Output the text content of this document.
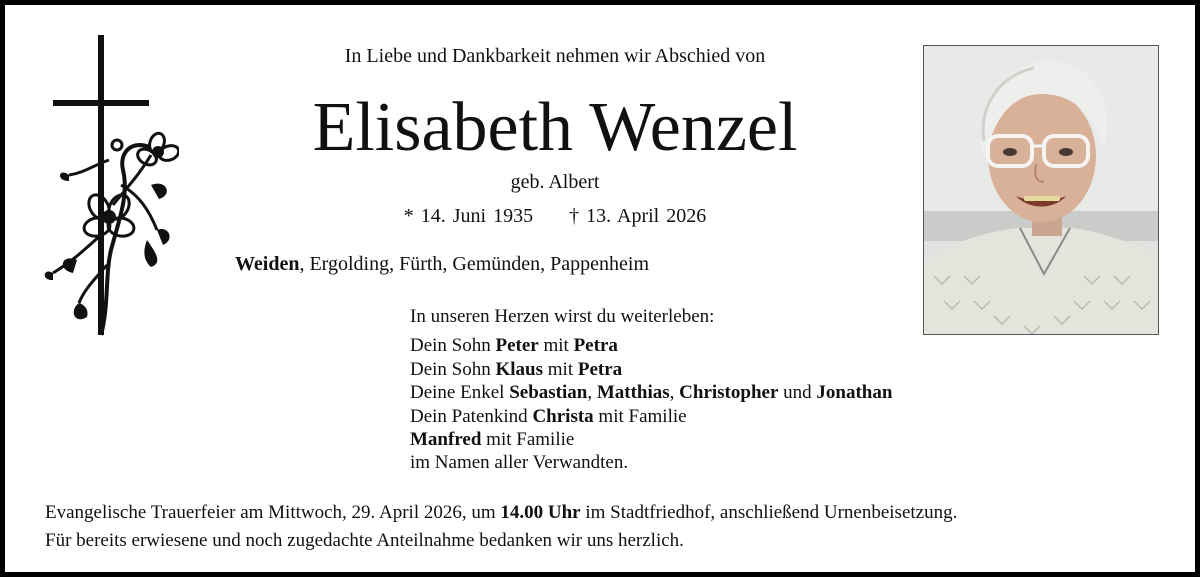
In Liebe und Dankbarkeit nehmen wir Abschied von
Elisabeth Wenzel
geb. Albert
* 14. Juni 1935 † 13. April 2026
Weiden, Ergolding, Fürth, Gemünden, Pappenheim
In unseren Herzen wirst du weiterleben:
Dein Sohn Peter mit Petra
Dein Sohn Klaus mit Petra
Deine Enkel Sebastian, Matthias, Christopher und Jonathan
Dein Patenkind Christa mit Familie
Manfred mit Familie
im Namen aller Verwandten.
Evangelische Trauerfeier am Mittwoch, 29. April 2026, um 14.00 Uhr im Stadtfriedhof, anschließend Urnenbeisetzung.
Für bereits erwiesene und noch zugedachte Anteilnahme bedanken wir uns herzlich.
